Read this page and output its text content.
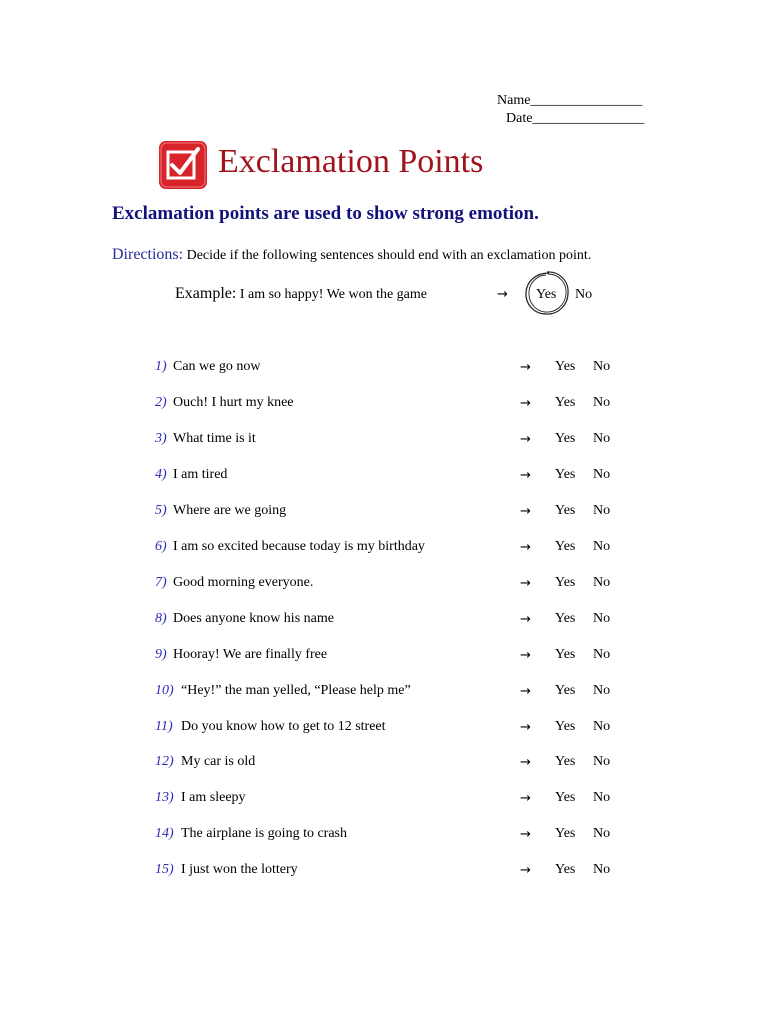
Name________________
Date________________
Exclamation Points
Exclamation points are used to show strong emotion.
Directions: Decide if the following sentences should end with an exclamation point.
Example: I am so happy! We won the game	→ Yes No
1) Can we go now	→ Yes No
2) Ouch! I hurt my knee	→ Yes No
3) What time is it	→ Yes No
4) I am tired	→ Yes No
5) Where are we going	→ Yes No
6) I am so excited because today is my birthday	→ Yes No
7) Good morning everyone.	→ Yes No
8) Does anyone know his name	→ Yes No
9) Hooray! We are finally free	→ Yes No
10) “Hey!” the man yelled, “Please help me”	→ Yes No
11) Do you know how to get to 12 street	→ Yes No
12) My car is old	→ Yes No
13) I am sleepy	→ Yes No
14) The airplane is going to crash	→ Yes No
15) I just won the lottery	→ Yes No
